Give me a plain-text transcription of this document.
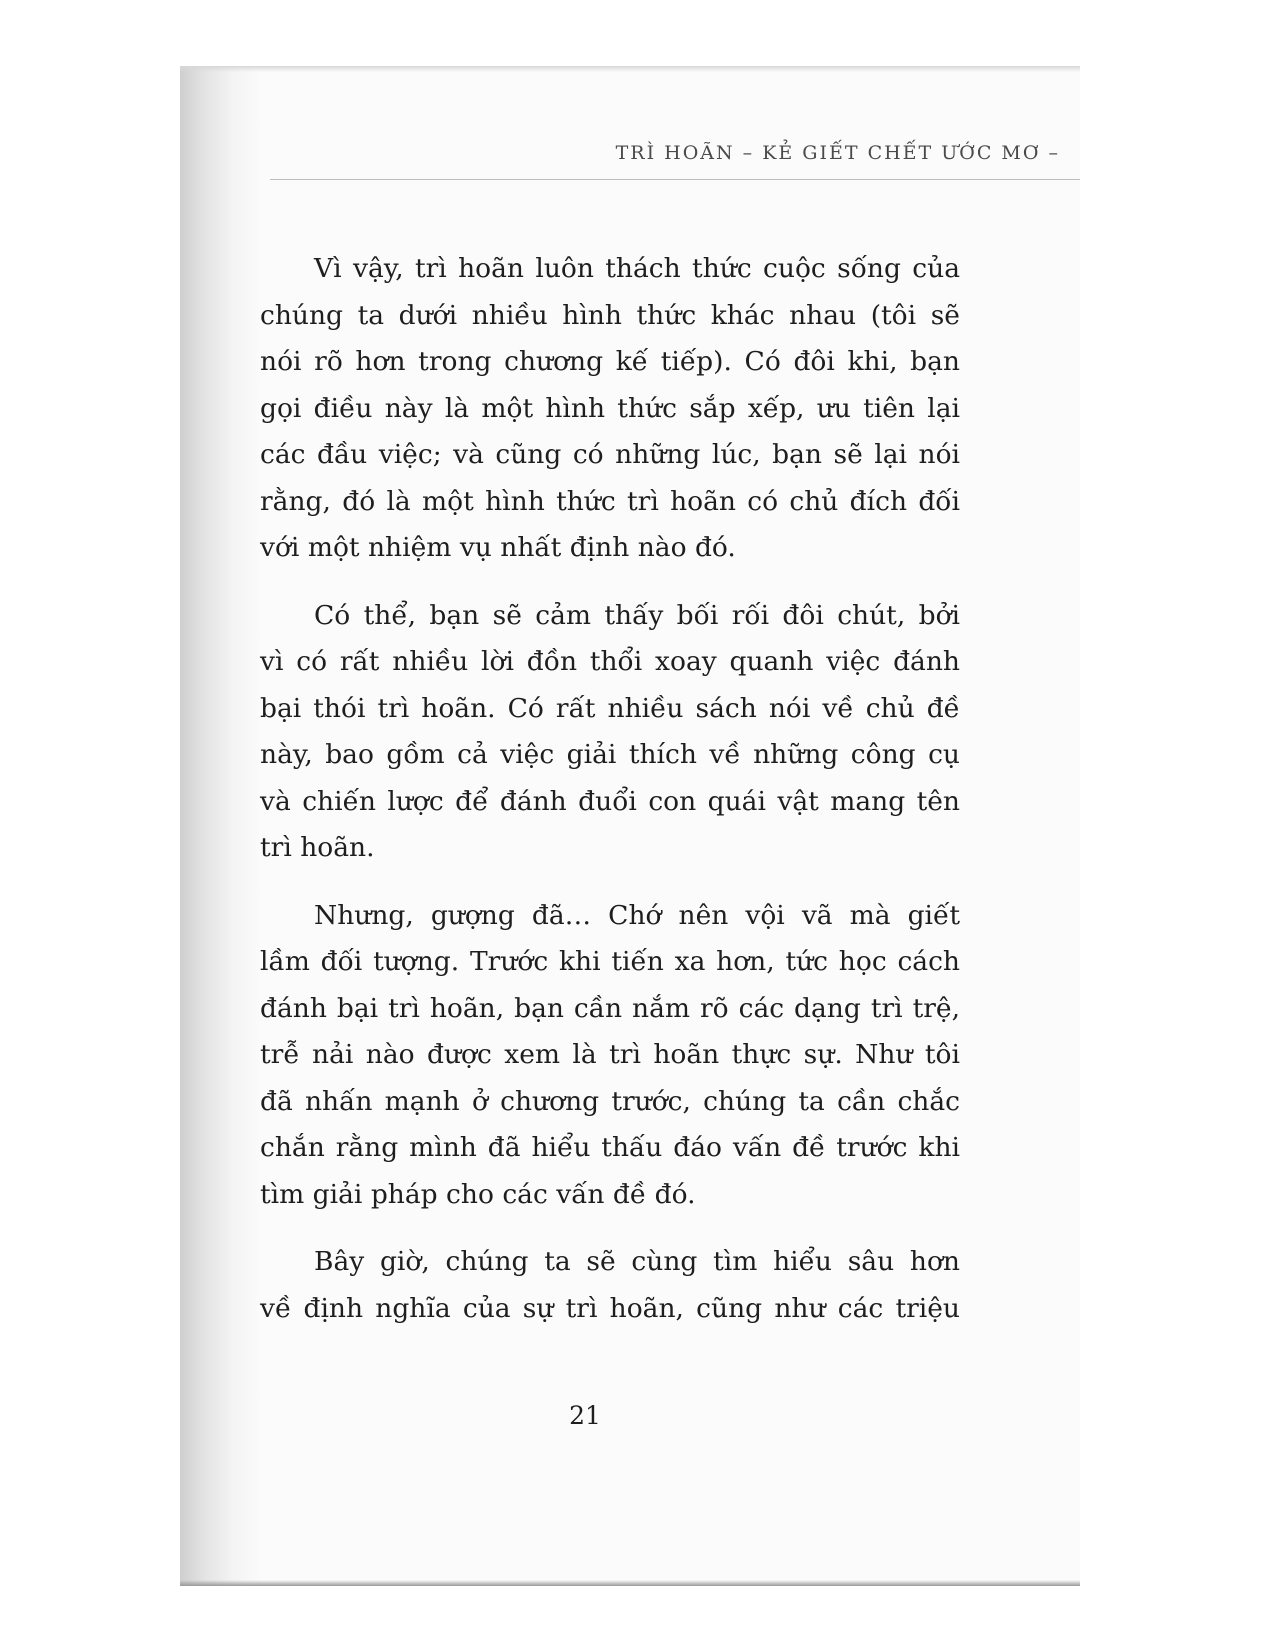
TRÌ HOÃN – KẺ GIẾT CHẾT ƯỚC MƠ –
Vì vậy, trì hoãn luôn thách thức cuộc sống của
chúng ta dưới nhiều hình thức khác nhau (tôi sẽ
nói rõ hơn trong chương kế tiếp). Có đôi khi, bạn
gọi điều này là một hình thức sắp xếp, ưu tiên lại
các đầu việc; và cũng có những lúc, bạn sẽ lại nói
rằng, đó là một hình thức trì hoãn có chủ đích đối
với một nhiệm vụ nhất định nào đó.
Có thể, bạn sẽ cảm thấy bối rối đôi chút, bởi
vì có rất nhiều lời đồn thổi xoay quanh việc đánh
bại thói trì hoãn. Có rất nhiều sách nói về chủ đề
này, bao gồm cả việc giải thích về những công cụ
và chiến lược để đánh đuổi con quái vật mang tên
trì hoãn.
Nhưng, gượng đã… Chớ nên vội vã mà giết
lầm đối tượng. Trước khi tiến xa hơn, tức học cách
đánh bại trì hoãn, bạn cần nắm rõ các dạng trì trệ,
trễ nải nào được xem là trì hoãn thực sự. Như tôi
đã nhấn mạnh ở chương trước, chúng ta cần chắc
chắn rằng mình đã hiểu thấu đáo vấn đề trước khi
tìm giải pháp cho các vấn đề đó.
Bây giờ, chúng ta sẽ cùng tìm hiểu sâu hơn
về định nghĩa của sự trì hoãn, cũng như các triệu
21
